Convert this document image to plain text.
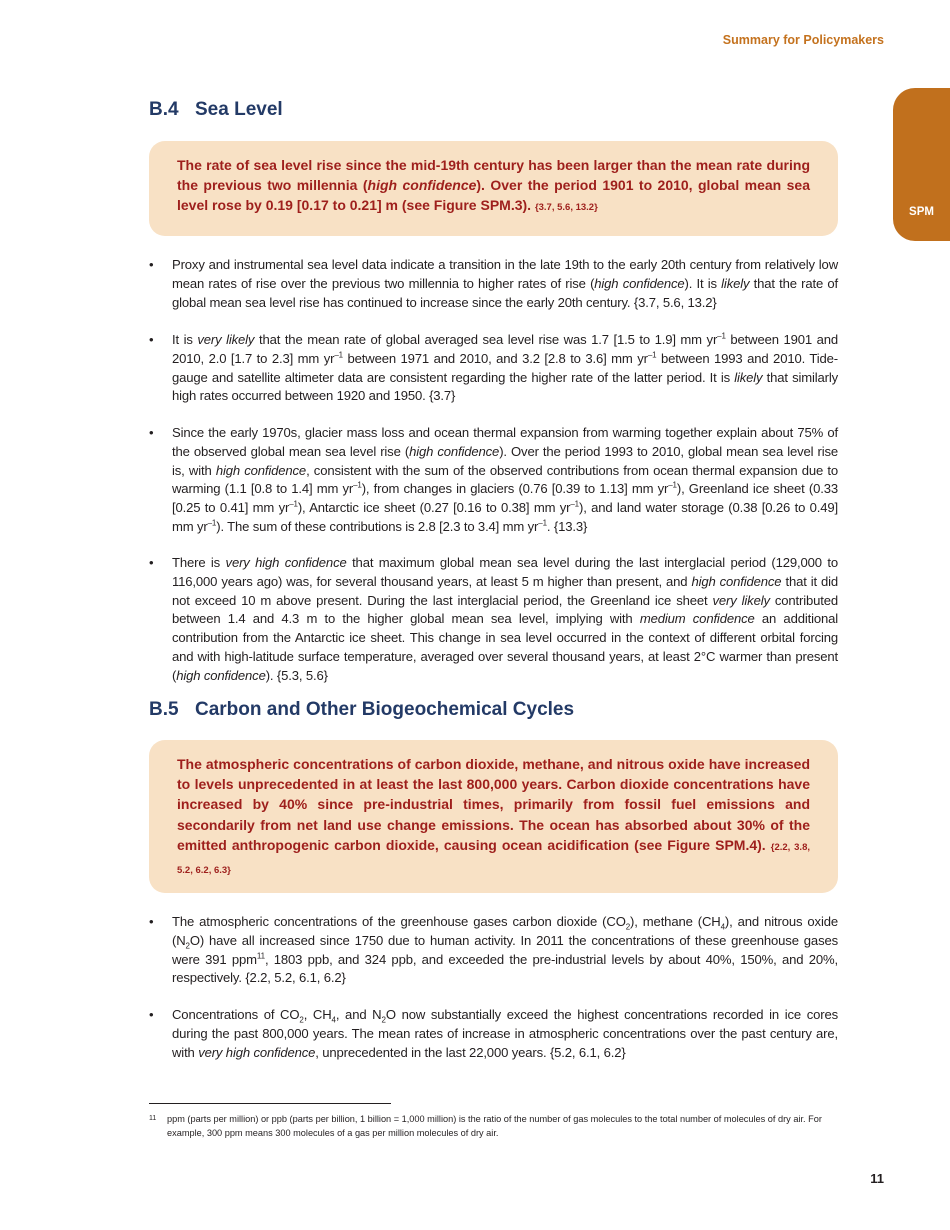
Summary for Policymakers
SPM
B.4 Sea Level
The rate of sea level rise since the mid-19th century has been larger than the mean rate during the previous two millennia (high confidence). Over the period 1901 to 2010, global mean sea level rose by 0.19 [0.17 to 0.21] m (see Figure SPM.3). {3.7, 5.6, 13.2}
•	Proxy and instrumental sea level data indicate a transition in the late 19th to the early 20th century from relatively low mean rates of rise over the previous two millennia to higher rates of rise (high confidence). It is likely that the rate of global mean sea level rise has continued to increase since the early 20th century. {3.7, 5.6, 13.2}
•	It is very likely that the mean rate of global averaged sea level rise was 1.7 [1.5 to 1.9] mm $yr^{-1}$ between 1901 and 2010, 2.0 [1.7 to 2.3] mm $yr^{-1}$ between 1971 and 2010, and 3.2 [2.8 to 3.6] mm $yr^{-1}$ between 1993 and 2010. Tide-gauge and satellite altimeter data are consistent regarding the higher rate of the latter period. It is likely that similarly high rates occurred between 1920 and 1950. {3.7}
•	Since the early 1970s, glacier mass loss and ocean thermal expansion from warming together explain about 75% of the observed global mean sea level rise (high confidence). Over the period 1993 to 2010, global mean sea level rise is, with high confidence, consistent with the sum of the observed contributions from ocean thermal expansion due to warming (1.1 [0.8 to 1.4] mm $yr^{-1}$), from changes in glaciers (0.76 [0.39 to 1.13] mm $yr^{-1}$), Greenland ice sheet (0.33 [0.25 to 0.41] mm $yr^{-1}$), Antarctic ice sheet (0.27 [0.16 to 0.38] mm $yr^{-1}$), and land water storage (0.38 [0.26 to 0.49] mm $yr^{-1}$). The sum of these contributions is 2.8 [2.3 to 3.4] mm $yr^{-1}$. {13.3}
•	There is very high confidence that maximum global mean sea level during the last interglacial period (129,000 to 116,000 years ago) was, for several thousand years, at least 5 m higher than present, and high confidence that it did not exceed 10 m above present. During the last interglacial period, the Greenland ice sheet very likely contributed between 1.4 and 4.3 m to the higher global mean sea level, implying with medium confidence an additional contribution from the Antarctic ice sheet. This change in sea level occurred in the context of different orbital forcing and with high-latitude surface temperature, averaged over several thousand years, at least 2°C warmer than present (high confidence). {5.3, 5.6}
B.5 Carbon and Other Biogeochemical Cycles
The atmospheric concentrations of carbon dioxide, methane, and nitrous oxide have increased to levels unprecedented in at least the last 800,000 years. Carbon dioxide concentrations have increased by 40% since pre-industrial times, primarily from fossil fuel emissions and secondarily from net land use change emissions. The ocean has absorbed about 30% of the emitted anthropogenic carbon dioxide, causing ocean acidification (see Figure SPM.4). {2.2, 3.8, 5.2, 6.2, 6.3}
•	The atmospheric concentrations of the greenhouse gases carbon dioxide $(CO_2)$, methane $(CH_4)$, and nitrous oxide $(N_2O)$ have all increased since 1750 due to human activity. In 2011 the concentrations of these greenhouse gases were 391 ppm$^{11}$, 1803 ppb, and 324 ppb, and exceeded the pre-industrial levels by about 40%, 150%, and 20%, respectively. {2.2, 5.2, 6.1, 6.2}
•	Concentrations of $CO_2$, $CH_4$, and $N_2O$ now substantially exceed the highest concentrations recorded in ice cores during the past 800,000 years. The mean rates of increase in atmospheric concentrations over the past century are, with very high confidence, unprecedented in the last 22,000 years. {5.2, 6.1, 6.2}
11 ppm (parts per million) or ppb (parts per billion, 1 billion = 1,000 million) is the ratio of the number of gas molecules to the total number of molecules of dry air. For example, 300 ppm means 300 molecules of a gas per million molecules of dry air.
11
